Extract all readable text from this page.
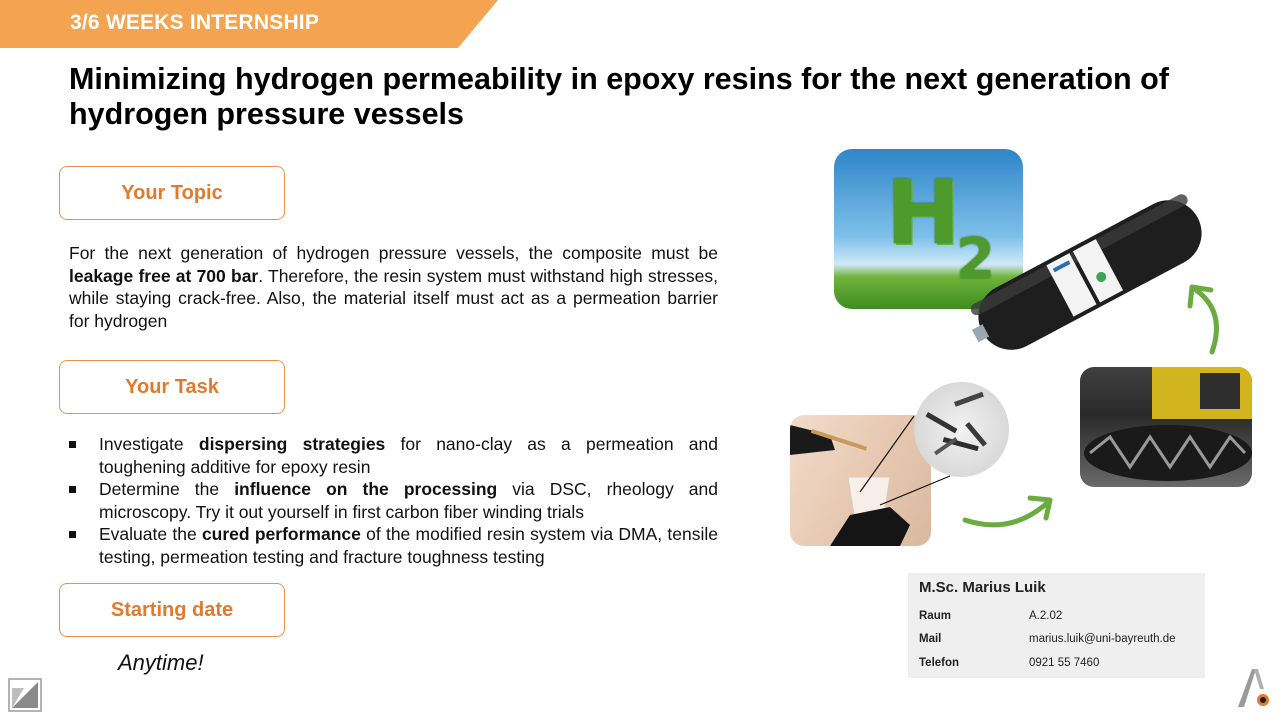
3/6 WEEKS INTERNSHIP
Minimizing hydrogen permeability in epoxy resins for the next generation of hydrogen pressure vessels
Your Topic

For the next generation of hydrogen pressure vessels, the composite must be leakage free at 700 bar. Therefore, the resin system must withstand high stresses, while staying crack-free. Also, the material itself must act as a permeation barrier for hydrogen

Your Task
Investigate dispersing strategies for nano-clay as a permeation and toughening additive for epoxy resin
Determine the influence on the processing via DSC, rheology and microscopy. Try it out yourself in first carbon fiber winding trials
Evaluate the cured performance of the modified resin system via DMA, tensile testing, permeation testing and fracture toughness testing
Starting date
Anytime!
H
2
M.Sc. Marius Luik
Raum	A.2.02
Mail	marius.luik@uni-bayreuth.de
Telefon	0921 55 7460
